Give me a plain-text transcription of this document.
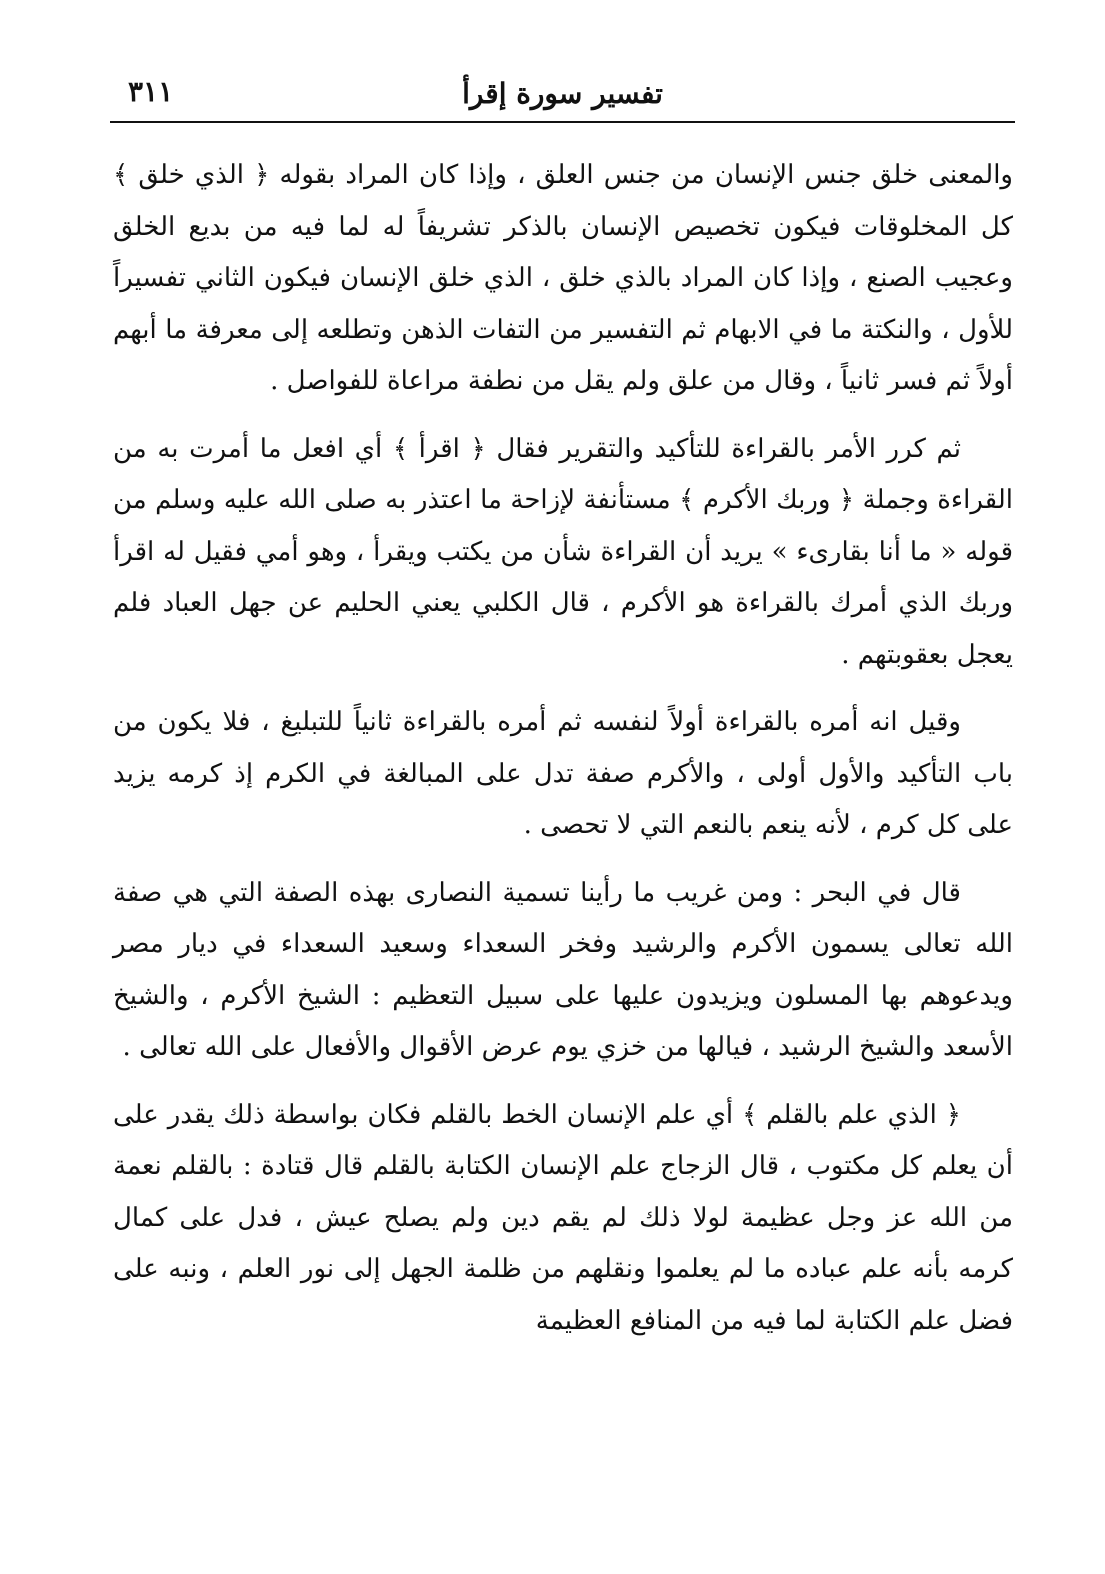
تفسير سورة إقرأ
٣١١

والمعنى خلق جنس الإنسان من جنس العلق ، وإذا كان المراد بقوله ﴿ الذي خلق ﴾ كل المخلوقات فيكون تخصيص الإنسان بالذكر تشريفاً له لما فيه من بديع الخلق وعجيب الصنع ، وإذا كان المراد بالذي خلق ، الذي خلق الإنسان فيكون الثاني تفسيراً للأول ، والنكتة ما في الابهام ثم التفسير من التفات الذهن وتطلعه إلى معرفة ما أبهم أولاً ثم فسر ثانياً ، وقال من علق ولم يقل من نطفة مراعاة للفواصل .

ثم كرر الأمر بالقراءة للتأكيد والتقرير فقال ﴿ اقرأ ﴾ أي افعل ما أمرت به من القراءة وجملة ﴿ وربك الأكرم ﴾ مستأنفة لإزاحة ما اعتذر به صلى الله عليه وسلم من قوله « ما أنا بقارىء » يريد أن القراءة شأن من يكتب ويقرأ ، وهو أمي فقيل له اقرأ وربك الذي أمرك بالقراءة هو الأكرم ، قال الكلبي يعني الحليم عن جهل العباد فلم يعجل بعقوبتهم .

وقيل انه أمره بالقراءة أولاً لنفسه ثم أمره بالقراءة ثانياً للتبليغ ، فلا يكون من باب التأكيد والأول أولى ، والأكرم صفة تدل على المبالغة في الكرم إذ كرمه يزيد على كل كرم ، لأنه ينعم بالنعم التي لا تحصى .

قال في البحر : ومن غريب ما رأينا تسمية النصارى بهذه الصفة التي هي صفة الله تعالى يسمون الأكرم والرشيد وفخر السعداء وسعيد السعداء في ديار مصر ويدعوهم بها المسلون ويزيدون عليها على سبيل التعظيم : الشيخ الأكرم ، والشيخ الأسعد والشيخ الرشيد ، فيالها من خزي يوم عرض الأقوال والأفعال على الله تعالى .

﴿ الذي علم بالقلم ﴾ أي علم الإنسان الخط بالقلم فكان بواسطة ذلك يقدر على أن يعلم كل مكتوب ، قال الزجاج علم الإنسان الكتابة بالقلم قال قتادة : بالقلم نعمة من الله عز وجل عظيمة لولا ذلك لم يقم دين ولم يصلح عيش ، فدل على كمال كرمه بأنه علم عباده ما لم يعلموا ونقلهم من ظلمة الجهل إلى نور العلم ، ونبه على فضل علم الكتابة لما فيه من المنافع العظيمة
